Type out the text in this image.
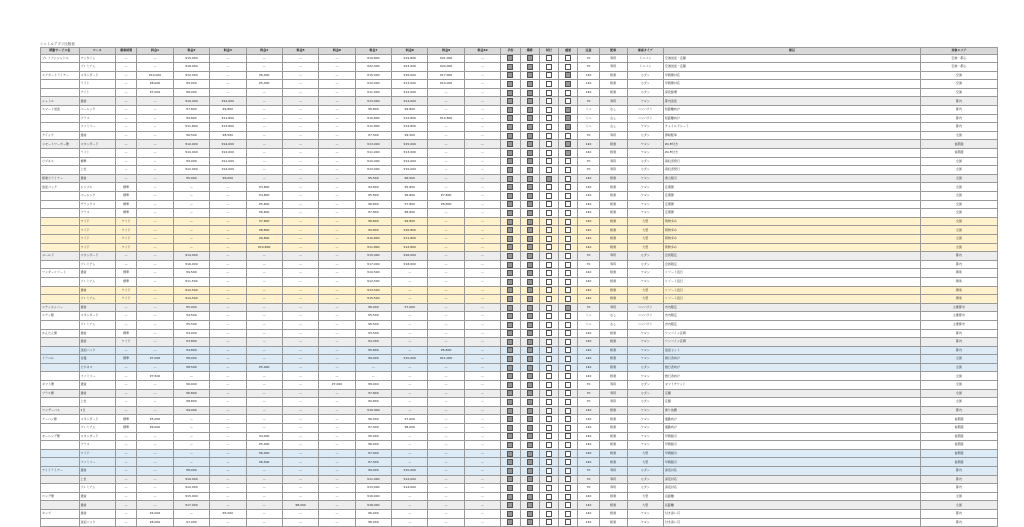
シャトルアプリ比較表
移動サービス名	コース	乗車時間	料金1	料金2	料金3	料金4	料金5	料金6	料金7	料金8	料金9	料金10	予約	乗降	同行	確認	定員	配車	車両タイプ	補足	対象エリア
プレミアムシャトル	ワンタイム	—	—	¥15,000	—	—	—	—	¥19,800	¥19,800	¥21,000	—					70	専用	ミニバン	空港送迎・定額	空港・都心
	プレミアム	—	—	¥18,000	—	—	—	—	¥22,000	¥23,000	¥24,000	—					70	専用	ミニバン	空港送迎・定額	空港・都心
エアポートライナー	スタンダード	—	¥10,000	¥12,000	—	¥6,000	—	—	¥15,000	¥16,000	¥17,000	—					140	相乗	セダン	早朝便対応	空港
	ライト	—	¥8,000	¥9,000	—	¥5,000	—	—	¥12,000	¥13,000	¥14,000	—					140	相乗	セダン	早朝便対応	空港
	ナイト	—	¥7,000	¥8,000	—	—	—	—	¥11,000	¥12,000	—	—					140	相乗	セダン	深夜割増	空港
シャトル	通常	—	—	¥10,000	¥12,000	—	—	—	¥13,000	¥14,000	—	—					70	専用	ワゴン	都内送迎	都内
スマート送迎	ベーシック	—	—	¥7,800	¥9,800	—	—	—	¥8,800	¥9,800	—	—					ミニ	なし	コンパクト	短距離向け	都内
	プラス	—	—	¥9,800	¥11,800	—	—	—	¥10,800	¥12,800	¥14,800	—					ミニ	なし	コンパクト	短距離向け	都内
	ファミリー	—	—	¥11,800	¥13,800	—	—	—	¥12,800	¥14,800	—	—					ミニ	なし	ワゴン	チャイルドシート	都内
クイック	通常	—	—	¥6,500	¥8,500	—	—	—	¥7,500	¥9,500	—	—					70	専用	セダン	即時配車	全国
リモートワーカー便	スタンダード	—	—	¥12,000	¥14,000	—	—	—	¥13,000	¥15,000	—	—					140	相乗	ワゴン	Wi-Fi付き	首都圏
	ライト	—	—	¥10,000	¥12,000	—	—	—	¥11,000	¥13,000	—	—					140	相乗	ワゴン	Wi-Fi付き	首都圏
ビジネス	標準	—	—	¥9,000	¥11,000	—	—	—	¥10,000	¥12,000	—	—					70	専用	セダン	領収書発行	全国
	上位	—	—	¥12,000	¥14,000	—	—	—	¥13,000	¥15,000	—	—					70	専用	セダン	領収書発行	全国
相乗りライナー	通常	—	—	¥5,000	¥6,000	—	—	—	¥5,500	¥6,500	—	—					140	相乗	ワゴン	乗合割引	全国
送迎パック	シンプル	標準	—	—	—	¥3,800	—	—	¥4,800	¥5,800	—	—					140	相乗	ワゴン	定期便	全国
	ベーシック	標準	—	—	—	¥4,800	—	—	¥5,800	¥6,800	¥7,800	—					140	相乗	ワゴン	定期便	全国
	デラックス	標準	—	—	—	¥5,800	—	—	¥6,800	¥7,800	¥8,800	—					140	相乗	ワゴン	定期便	全国
	プラス	標準	—	—	—	¥6,800	—	—	¥7,800	¥8,800	—	—					140	相乗	ワゴン	定期便	全国
	ワイド	ワイド	—	—	—	¥7,800	—	—	¥8,800	¥9,800	—	—					140	相乗	大型	荷物多め	全国
	ワイド	ワイド	—	—	—	¥8,800	—	—	¥9,800	¥10,800	—	—					140	相乗	大型	荷物多め	全国
	ワイド	ワイド	—	—	—	¥9,800	—	—	¥10,800	¥11,800	—	—					140	相乗	大型	荷物多め	全国
	ワイド	ワイド	—	—	—	¥10,800	—	—	¥11,800	¥12,800	—	—					140	相乗	大型	荷物多め	全国
ゴールド	スタンダード	—	—	¥14,000	—	—	—	—	¥15,000	¥16,000	—	—					70	専用	セダン	会員限定	都内
	プレミアム	—	—	¥16,000	—	—	—	—	¥17,000	¥18,000	—	—					70	専用	セダン	会員限定	都内
ワンダーリゾート	通常	標準	—	¥9,500	—	—	—	—	¥10,500	—	—	—					140	相乗	ワゴン	リゾート直行	関東
	プレミアム	標準	—	¥11,500	—	—	—	—	¥12,500	—	—	—					140	相乗	ワゴン	リゾート直行	関東
	通常	ワイド	—	¥12,500	—	—	—	—	¥13,500	—	—	—					140	相乗	大型	リゾート直行	関東
	プレミアム	ワイド	—	¥14,500	—	—	—	—	¥15,500	—	—	—					140	相乗	大型	リゾート直行	関東
シティホッパー	通常	—	—	¥5,000	—	—	—	—	¥6,000	¥7,000	—	—					70	専用	コンパクト	市内限定	主要都市
シティ便	スタンダード	—	—	¥4,500	—	—	—	—	¥5,500	—	—	—					ミニ	なし	コンパクト	市内限定	主要都市
	プレミアム	—	—	¥5,500	—	—	—	—	¥6,500	—	—	—					ミニ	なし	コンパクト	市内限定	主要都市
かんたん便	通常	標準	—	¥3,000	—	—	—	—	¥3,500	—	—	—					140	相乗	ワゴン	ワンコイン区間	都内
	通常	ワイド	—	¥3,800	—	—	—	—	¥4,300	—	—	—					140	相乗	ワゴン	ワンコイン区間	都内
	送迎パック	—	—	¥4,800	—	—	—	—	¥5,800	—	¥6,800	—					140	相乗	ワゴン	送迎セット	都内
トラベル	往復	標準	¥7,000	¥8,000	—	—	—	—	¥9,000	¥10,000	¥11,000	—					140	相乗	ワゴン	旅行者向け	全国
	ビジネス	—	—	¥8,500	—	¥5,000	—	—	—	—	—	—					140	相乗	セダン	旅行者向け	全国
	ファミリー	—	¥7,500	—	—	—	—	—	—	—	—	—					140	相乗	ワゴン	旅行者向け	全国
ギフト便	通常	—	—	¥6,000	—	—	—	¥7,000	¥8,000	—	—	—					70	専用	セダン	ギフトチケット	全国
プラス便	通常	—	—	¥6,800	—	—	—	—	¥7,800	—	—	—					70	専用	セダン	定額	全国
	上位	—	—	¥8,800	—	—	—	—	¥9,800	—	—	—					70	専用	セダン	定額	全国
ワンデーパス	1日	—	—	¥9,900	—	—	—	—	¥10,900	—	—	—					140	相乗	ワゴン	乗り放題	都内
アーバン便	スタンダード	標準	¥5,000	—	—	—	—	—	¥6,000	¥7,000	—	—					140	相乗	ワゴン	通勤向け	首都圏
	プレミアム	標準	¥6,000	—	—	—	—	—	¥7,000	¥8,000	—	—					140	相乗	ワゴン	通勤向け	首都圏
モーニング便	スタンダード	—	—	—	—	¥4,000	—	—	¥5,000	—	—	—					140	相乗	ワゴン	早朝割引	首都圏
	プラス	—	—	—	—	¥5,000	—	—	¥6,000	—	—	—					140	相乗	ワゴン	早朝割引	首都圏
	ワイド	—	—	—	—	¥6,000	—	—	¥7,000	—	—	—					140	相乗	大型	早朝割引	首都圏
	ファミリー	—	—	—	—	¥6,500	—	—	¥7,500	—	—	—					140	相乗	大型	早朝割引	首都圏
ナイトライナー	通常	—	—	¥8,000	—	—	—	—	¥9,000	¥10,000	—	—					70	専用	セダン	深夜対応	都内
	上位	—	—	¥10,000	—	—	—	—	¥11,000	¥12,000	—	—					70	専用	セダン	深夜対応	都内
	プレミアム	—	—	¥12,000	—	—	—	—	¥13,000	¥14,000	—	—					70	専用	セダン	深夜対応	都内
ロング便	通常	—	—	¥15,000	—	—	—	—	¥16,000	—	—	—					140	相乗	大型	長距離	全国
	通常	—	—	¥17,000	—	—	¥8,000	—	¥18,000	—	—	—					140	相乗	大型	長距離	全国
キッズ	通常	—	¥4,000	—	¥5,000	—	—	—	¥6,000	—	—	—					140	相乗	ワゴン	付き添い可	都内
	送迎パック	—	¥6,000	¥7,000	—	—	—	—	¥8,000	—	—	—					140	相乗	ワゴン	付き添い可	都内
